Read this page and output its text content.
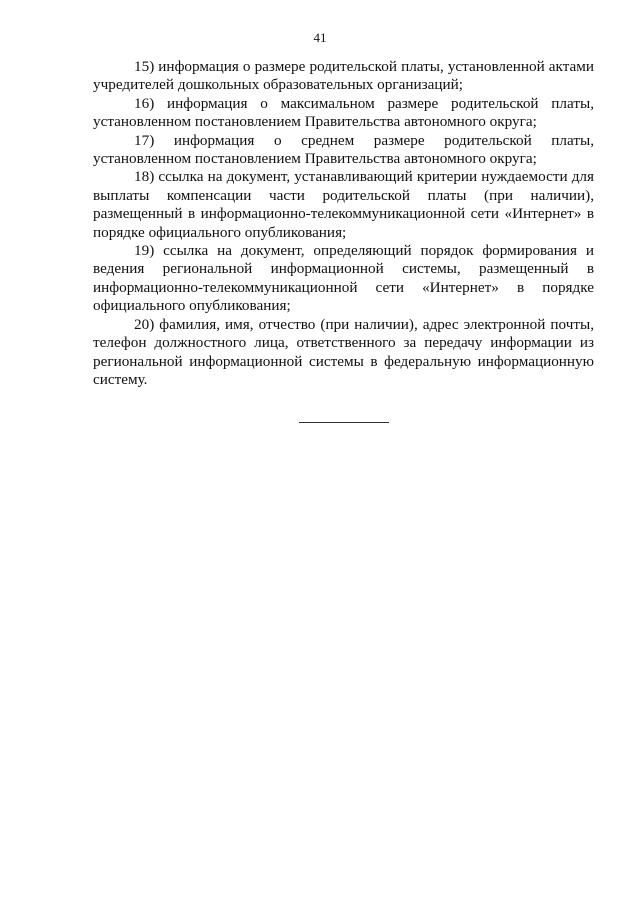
41

15) информация о размере родительской платы, установленной актами учредителей дошкольных образовательных организаций;

16) информация о максимальном размере родительской платы, установленном постановлением Правительства автономного округа;

17) информация о среднем размере родительской платы, установленном постановлением Правительства автономного округа;

18) ссылка на документ, устанавливающий критерии нуждаемости для выплаты компенсации части родительской платы (при наличии), размещенный в информационно-телекоммуникационной сети «Интернет» в порядке официального опубликования;

19) ссылка на документ, определяющий порядок формирования и ведения региональной информационной системы, размещенный в информационно-телекоммуникационной сети «Интернет» в порядке официального опубликования;

20) фамилия, имя, отчество (при наличии), адрес электронной почты, телефон должностного лица, ответственного за передачу информации из региональной информационной системы в федеральную информационную систему.
